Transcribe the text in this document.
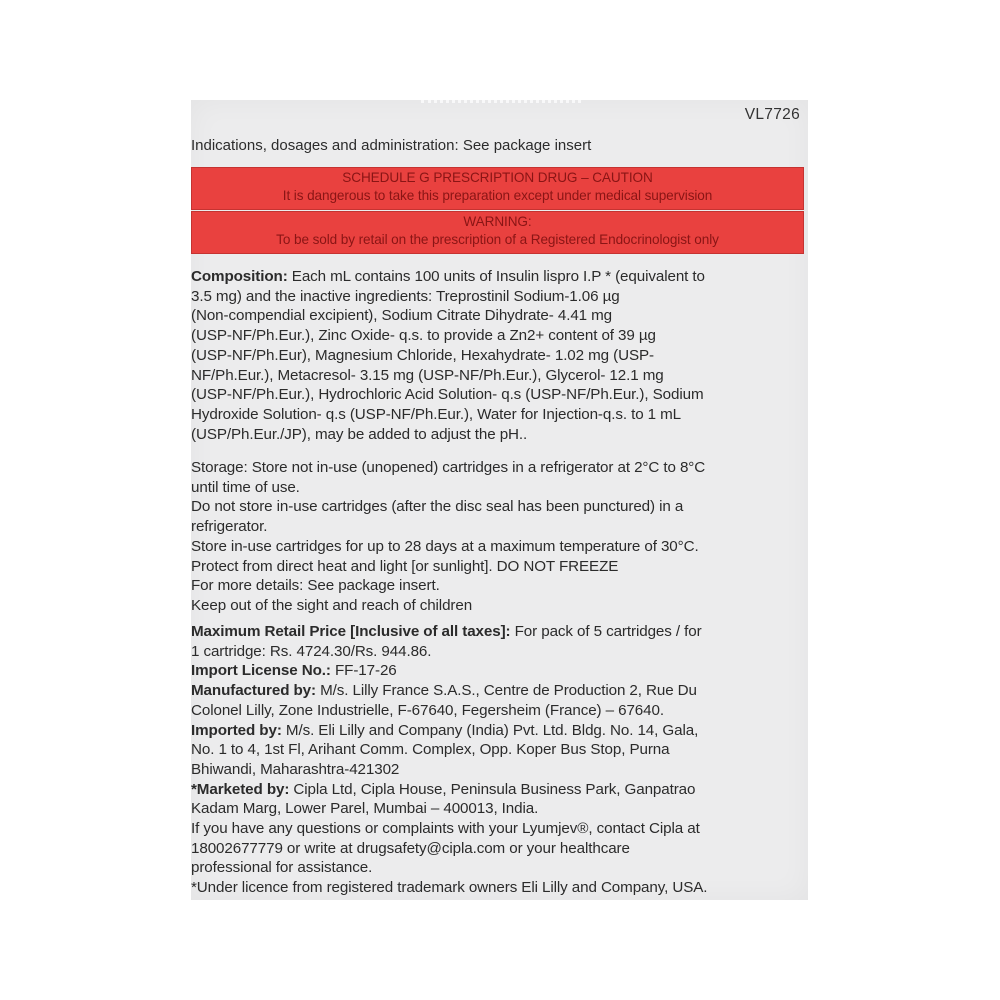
VL7726
Indications, dosages and administration: See package insert
SCHEDULE G PRESCRIPTION DRUG – CAUTION
It is dangerous to take this preparation except under medical supervision
WARNING:
To be sold by retail on the prescription of a Registered Endocrinologist only
Composition: Each mL contains 100 units of Insulin lispro I.P * (equivalent to
3.5 mg) and the inactive ingredients: Treprostinil Sodium-1.06 µg
(Non-compendial excipient), Sodium Citrate Dihydrate- 4.41 mg
(USP-NF/Ph.Eur.), Zinc Oxide- q.s. to provide a Zn2+ content of 39 µg
(USP-NF/Ph.Eur), Magnesium Chloride, Hexahydrate- 1.02 mg (USP-
NF/Ph.Eur.), Metacresol- 3.15 mg (USP-NF/Ph.Eur.), Glycerol- 12.1 mg
(USP-NF/Ph.Eur.), Hydrochloric Acid Solution- q.s (USP-NF/Ph.Eur.), Sodium
Hydroxide Solution- q.s (USP-NF/Ph.Eur.), Water for Injection-q.s. to 1 mL
(USP/Ph.Eur./JP), may be added to adjust the pH..
Storage: Store not in-use (unopened) cartridges in a refrigerator at 2°C to 8°C
until time of use.
Do not store in-use cartridges (after the disc seal has been punctured) in a
refrigerator.
Store in-use cartridges for up to 28 days at a maximum temperature of 30°C.
Protect from direct heat and light [or sunlight]. DO NOT FREEZE
For more details: See package insert.
Keep out of the sight and reach of children
Maximum Retail Price [Inclusive of all taxes]: For pack of 5 cartridges / for
1 cartridge: Rs. 4724.30/Rs. 944.86.
Import License No.: FF-17-26
Manufactured by: M/s. Lilly France S.A.S., Centre de Production 2, Rue Du
Colonel Lilly, Zone Industrielle, F-67640, Fegersheim (France) – 67640.
Imported by: M/s. Eli Lilly and Company (India) Pvt. Ltd. Bldg. No. 14, Gala,
No. 1 to 4, 1st Fl, Arihant Comm. Complex, Opp. Koper Bus Stop, Purna
Bhiwandi, Maharashtra-421302
*Marketed by: Cipla Ltd, Cipla House, Peninsula Business Park, Ganpatrao
Kadam Marg, Lower Parel, Mumbai – 400013, India.
If you have any questions or complaints with your Lyumjev®, contact Cipla at
18002677779 or write at drugsafety@cipla.com or your healthcare
professional for assistance.
*Under licence from registered trademark owners Eli Lilly and Company, USA.
